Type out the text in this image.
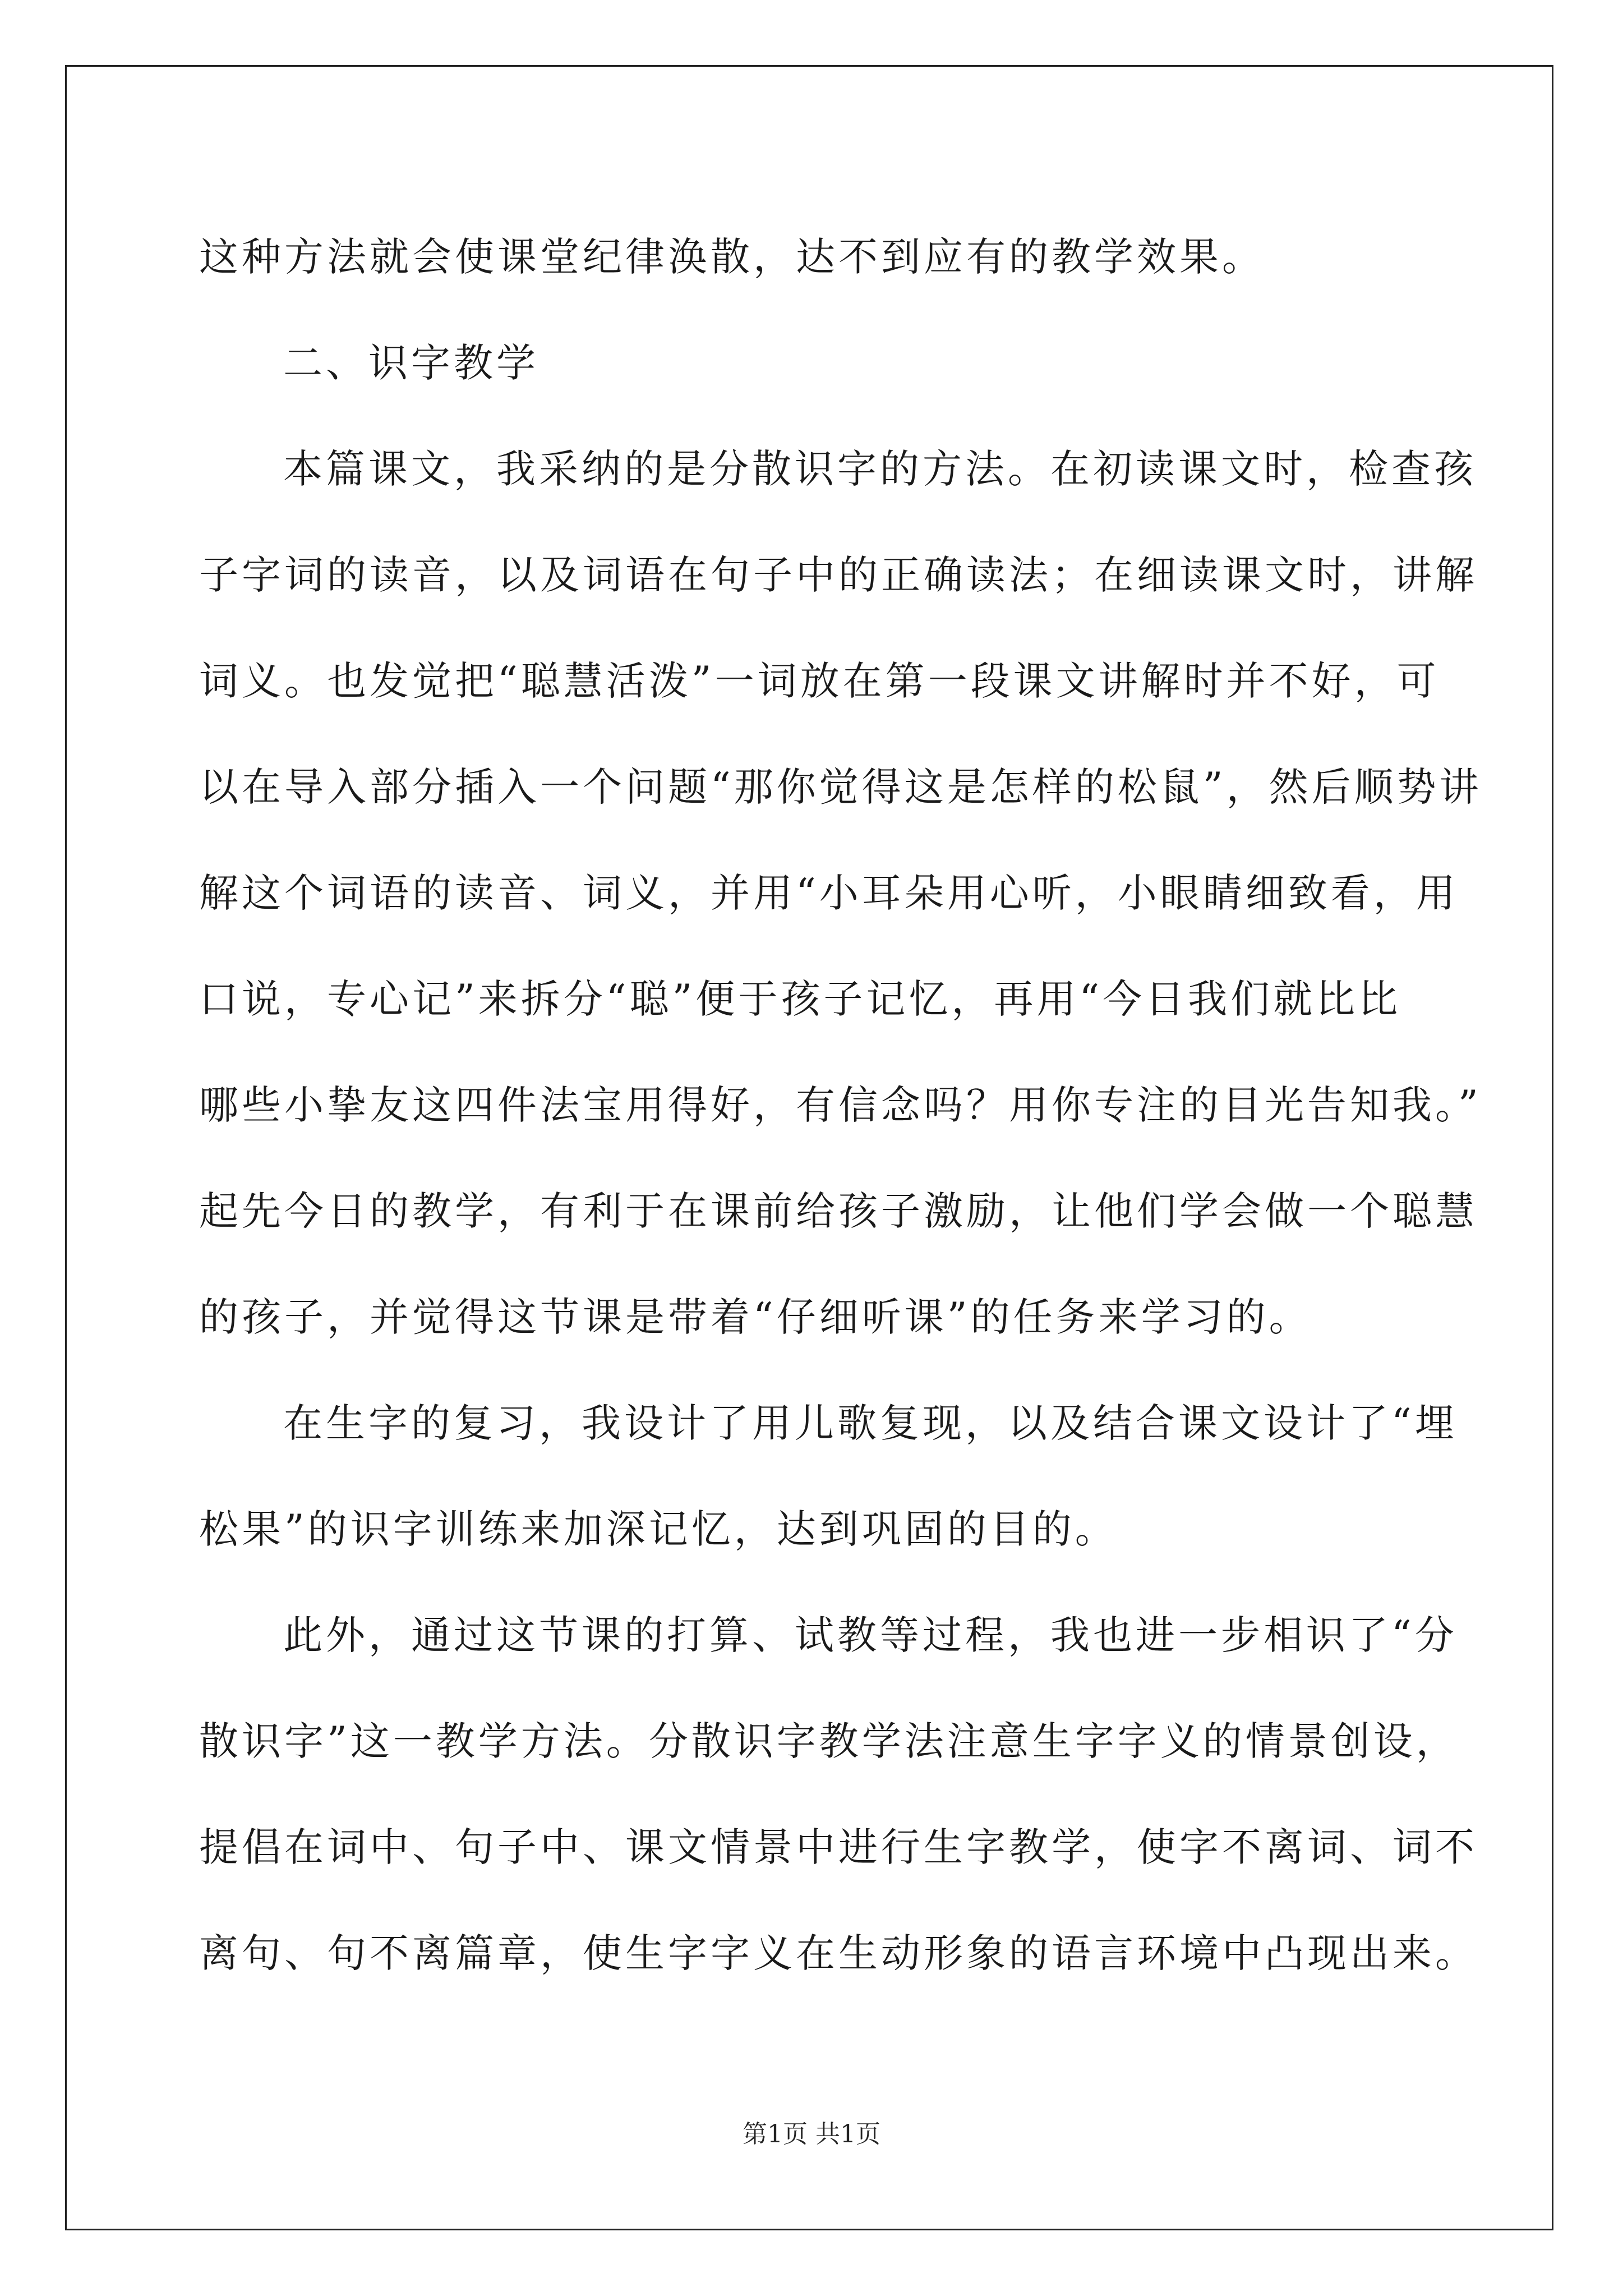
这种方法就会使课堂纪律涣散，达不到应有的教学效果。
二、识字教学
本篇课文，我采纳的是分散识字的方法。在初读课文时，检查孩
子字词的读音，以及词语在句子中的正确读法；在细读课文时，讲解
词义。也发觉把“聪慧活泼”一词放在第一段课文讲解时并不好，可
以在导入部分插入一个问题“那你觉得这是怎样的松鼠”，然后顺势讲
解这个词语的读音、词义，并用“小耳朵用心听，小眼睛细致看，用
口说，专心记”来拆分“聪”便于孩子记忆，再用“今日我们就比比
哪些小挚友这四件法宝用得好，有信念吗？用你专注的目光告知我。”
起先今日的教学，有利于在课前给孩子激励，让他们学会做一个聪慧
的孩子，并觉得这节课是带着“仔细听课”的任务来学习的。
在生字的复习，我设计了用儿歌复现，以及结合课文设计了“埋
松果”的识字训练来加深记忆，达到巩固的目的。
此外，通过这节课的打算、试教等过程，我也进一步相识了“分
散识字”这一教学方法。分散识字教学法注意生字字义的情景创设，
提倡在词中、句子中、课文情景中进行生字教学，使字不离词、词不
离句、句不离篇章，使生字字义在生动形象的语言环境中凸现出来。
第1页 共1页
